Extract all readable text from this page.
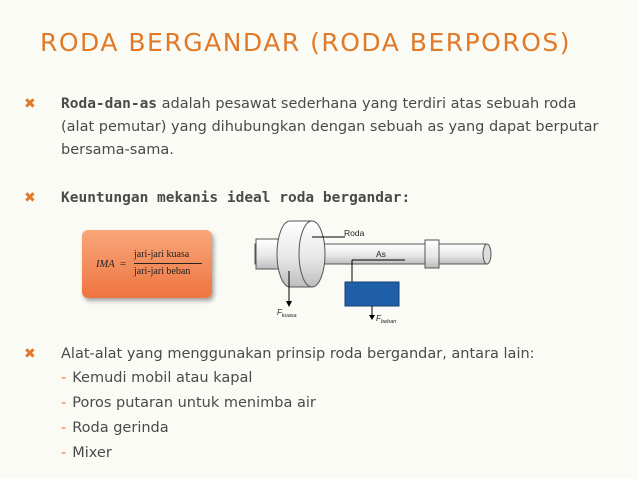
RODA BERGANDAR (RODA BERPOROS)
✖ Roda-dan-as adalah pesawat sederhana yang terdiri atas sebuah roda (alat pemutar) yang dihubungkan dengan sebuah as yang dapat berputar bersama-sama.
✖ Keuntungan mekanis ideal roda bergandar:
IMA =
jari-jari kuasa
jari-jari beban
Roda
As
$F_{beban}$
$F_{kuasa}$
✖ Alat-alat yang menggunakan prinsip roda bergandar, antara lain:
- Kemudi mobil atau kapal
- Poros putaran untuk menimba air
- Roda gerinda
- Mixer
